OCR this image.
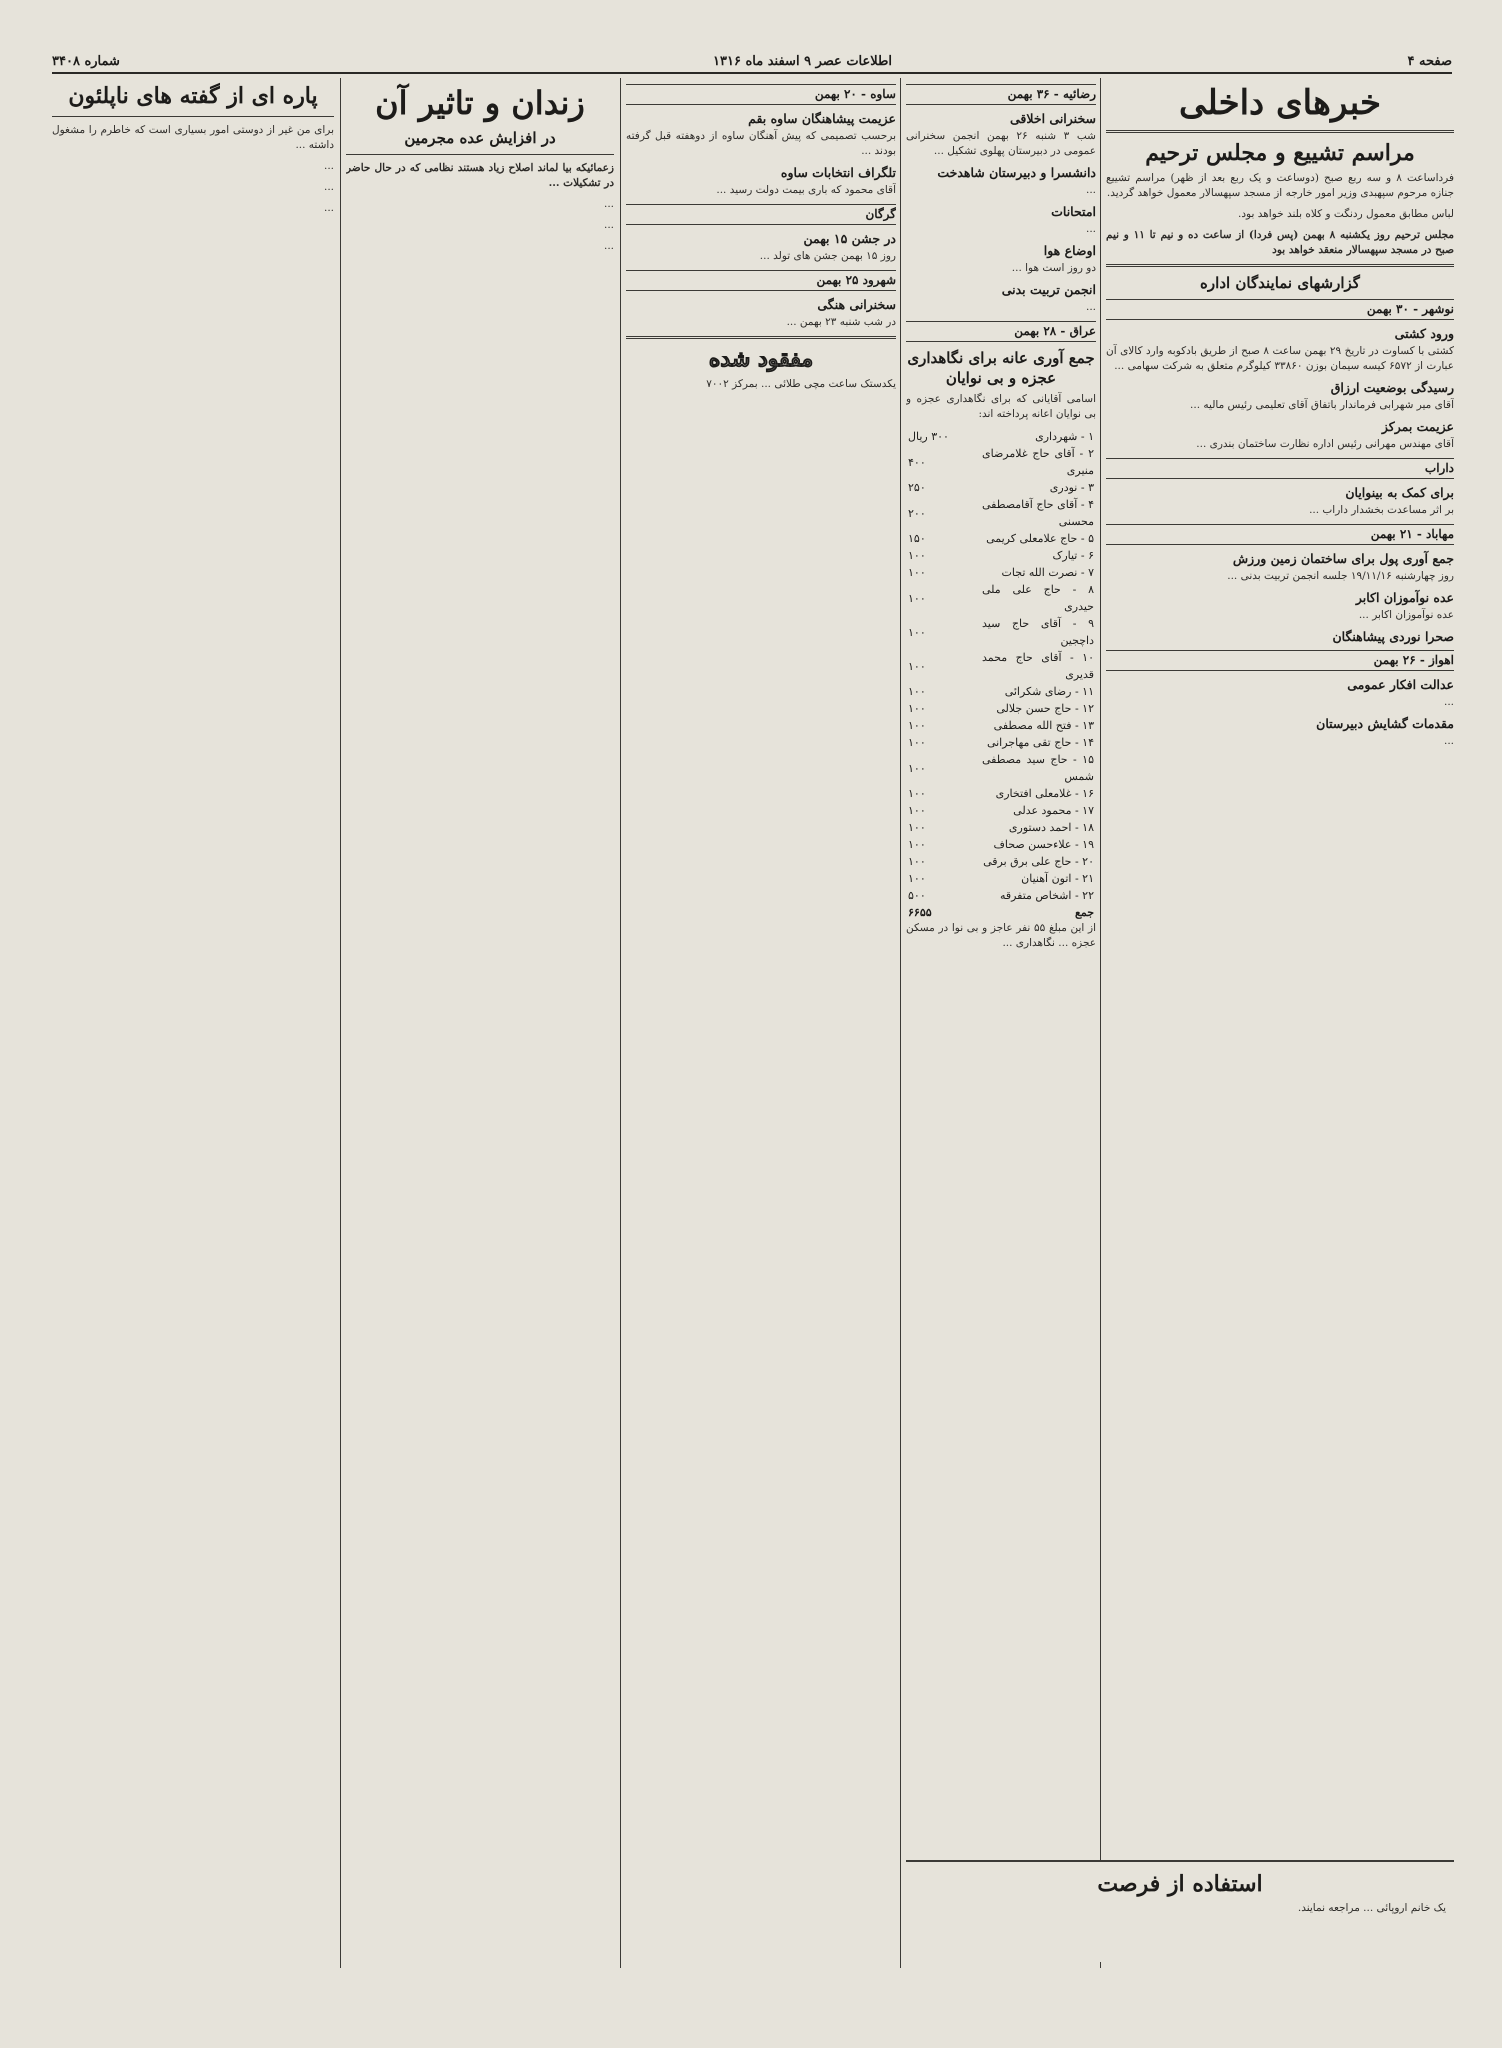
صفحه ۴
اطلاعات عصر ۹ اسفند ماه ۱۳۱۶
شماره ۳۴۰۸
خبرهای داخلی
مراسم تشییع و مجلس ترحیم

فرداساعت ۸ و سه ربع صبح (دوساعت و یک ربع بعد از ظهر) مراسم تشییع جنازه مرحوم سپهبدی وزیر امور خارجه از مسجد سپهسالار معمول خواهد گردید.

لباس مطابق معمول ردنگت و کلاه بلند خواهد بود.

مجلس ترحیم روز یکشنبه ۸ بهمن (پس فردا) از ساعت ده و نیم تا ۱۱ و نیم صبح در مسجد سپهسالار منعقد خواهد بود

گزارشهای نمایندگان اداره
نوشهر - ۳۰ بهمن
ورود کشتی

کشتی با کساوت در تاریخ ۲۹ بهمن ساعت ۸ صبح از طریق بادکوبه وارد کالای آن عبارت از ۶۵۷۲ کیسه سیمان بوزن ۳۳۸۶۰ کیلوگرم متعلق به شرکت سهامی ...

رسیدگی بوضعیت ارزاق

آقای میر شهرابی فرماندار باتفاق آقای تعلیمی رئیس مالیه ...

عزیمت بمرکز

آقای مهندس مهرانی رئیس اداره نظارت ساختمان بندری ...

داراب
برای کمک به بینوایان

بر اثر مساعدت بخشدار داراب ...

مهاباد - ۲۱ بهمن
جمع آوری پول برای ساختمان زمین ورزش

روز چهارشنبه ۱۹/۱۱/۱۶ جلسه انجمن تربیت بدنی ...

عده نوآموزان اکابر

عده نوآموزان اکابر ...

صحرا نوردی پیشاهنگان
اهواز - ۲۶ بهمن
عدالت افکار عمومی

...

مقدمات گشایش دبیرستان

...

استفاده از فرصت

یک خانم اروپائی ... مراجعه نمایند.

رضائیه - ۳۶ بهمن
سخنرانی اخلاقی

شب ۳ شنبه ۲۶ بهمن انجمن سخنرانی عمومی در دبیرستان پهلوی تشکیل ...

دانشسرا و دبیرستان شاهدخت

...

امتحانات

...

اوضاع هوا

دو روز است هوا ...

انجمن تربیت بدنی

...

عراق - ۲۸ بهمن
جمع آوری عانه برای نگاهداری عجزه و بی نوایان

اسامی آقایانی که برای نگاهداری عجزه و بی نوایان اعانه پرداخته اند:

۱ - شهرداری	۳۰۰ ریال
۲ - آقای حاج غلامرضای منیری	۴۰۰
۳ - نودری	۲۵۰
۴ - آقای حاج آقامصطفی محسنی	۲۰۰
۵ - حاج علامعلی کریمی	۱۵۰
۶ - تیارک	۱۰۰
۷ - نصرت الله تجات	۱۰۰
۸ - حاج علی ملی حیدری	۱۰۰
۹ - آقای حاج سید داچجین	۱۰۰
۱۰ - آقای حاج محمد قدیری	۱۰۰
۱۱ - رضای شکرائی	۱۰۰
۱۲ - حاج حسن جلالی	۱۰۰
۱۳ - فتح الله مصطفی	۱۰۰
۱۴ - حاج تقی مهاجرانی	۱۰۰
۱۵ - حاج سید مصطفی شمس	۱۰۰
۱۶ - غلامعلی افتخاری	۱۰۰
۱۷ - محمود عدلی	۱۰۰
۱۸ - احمد دستوری	۱۰۰
۱۹ - علاءحسن صحاف	۱۰۰
۲۰ - حاج علی برق برقی	۱۰۰
۲۱ - اتون آهنیان	۱۰۰
۲۲ - اشخاص متفرقه	۵۰۰
جمع	۶۶۵۵

از این مبلغ ۵۵ نفر عاجز و بی نوا در مسکن عجزه ... نگاهداری ...

ساوه - ۲۰ بهمن
عزیمت پیشاهنگان ساوه بقم

برحسب تصمیمی که پیش آهنگان ساوه از دوهفته قبل گرفته بودند ...

تلگراف انتخابات ساوه

آقای محمود که باری بیمت دولت رسید ...

گرگان
در جشن ۱۵ بهمن

روز ۱۵ بهمن جشن های تولد ...

شهرود ۲۵ بهمن
سخنرانی هنگی

در شب شنبه ۲۳ بهمن ...

مفقود شده

یکدستک ساعت مچی طلائی ... بمرکز ۷۰۰۲

زندان و تاثیر آن
در افزایش عده مجرمین

زعمائیکه بیا لماند اصلاح زیاد هستند نظامی که در حال حاضر در تشکیلات ...

...

...

...

پاره ای از گفته های ناپلئون

برای من غیر از دوستی امور بسیاری است که خاطرم را مشغول داشته ...

...

...

...
